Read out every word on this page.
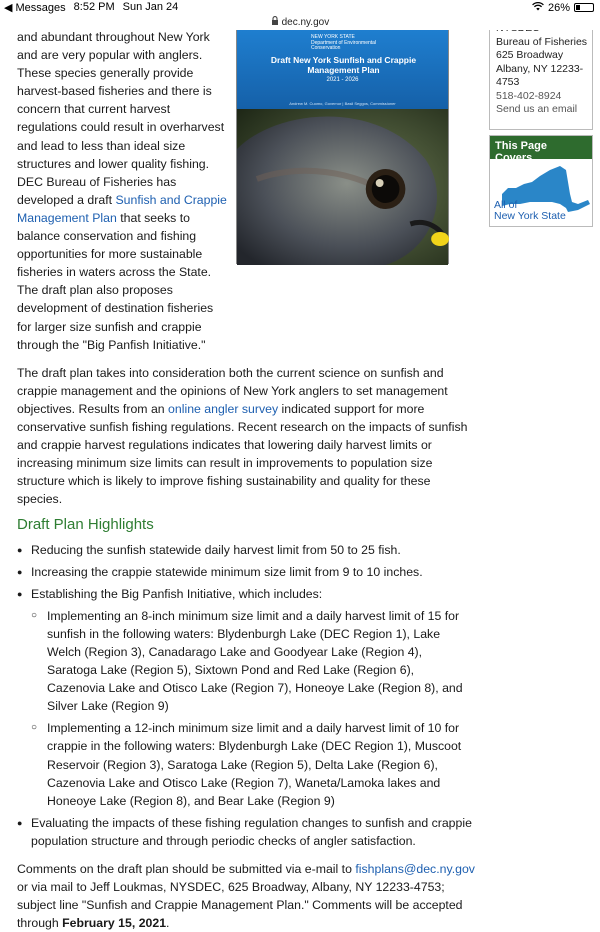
◀ Messages 8:52 PM Sun Jan 24	26%
dec.ny.gov
NEW YORK STATE
Department of Environmental Conservation
Draft New York Sunfish and Crappie Management Plan
2021 - 2026
Andrew M. Cuomo, Governor | Basil Seggos, Commissioner
and abundant throughout New York and are very popular with anglers. These species generally provide harvest-based fisheries and there is concern that current harvest regulations could result in overharvest and lead to less than ideal size structures and lower quality fishing. DEC Bureau of Fisheries has developed a draft Sunfish and Crappie Management Plan that seeks to balance conservation and fishing opportunities for more sustainable fisheries in waters across the State. The draft plan also proposes development of destination fisheries for larger size sunfish and crappie through the "Big Panfish Initiative."

The draft plan takes into consideration both the current science on sunfish and crappie management and the opinions of New York anglers to set management objectives. Results from an online angler survey indicated support for more conservative sunfish fishing regulations. Recent research on the impacts of sunfish and crappie harvest regulations indicates that lowering daily harvest limits or increasing minimum size limits can result in improvements to population size structure which is likely to improve fishing sustainability and quality for these species.

Draft Plan Highlights
● Reducing the sunfish statewide daily harvest limit from 50 to 25 fish.
● Increasing the crappie statewide minimum size limit from 9 to 10 inches.
● Establishing the Big Panfish Initiative, which includes:
○ Implementing an 8-inch minimum size limit and a daily harvest limit of 15 for sunfish in the following waters: Blydenburgh Lake (DEC Region 1), Lake Welch (Region 3), Canadarago Lake and Goodyear Lake (Region 4), Saratoga Lake (Region 5), Sixtown Pond and Red Lake (Region 6), Cazenovia Lake and Otisco Lake (Region 7), Honeoye Lake (Region 8), and Silver Lake (Region 9)
○ Implementing a 12-inch minimum size limit and a daily harvest limit of 10 for crappie in the following waters: Blydenburgh Lake (DEC Region 1), Muscoot Reservoir (Region 3), Saratoga Lake (Region 5), Delta Lake (Region 6), Cazenovia Lake and Otisco Lake (Region 7), Waneta/Lamoka lakes and Honeoye Lake (Region 8), and Bear Lake (Region 9)
● Evaluating the impacts of these fishing regulation changes to sunfish and crappie population structure and through periodic checks of angler satisfaction.

Comments on the draft plan should be submitted via e-mail to fishplans@dec.ny.gov or via mail to Jeff Loukmas, NYSDEC, 625 Broadway, Albany, NY 12233-4753; subject line "Sunfish and Crappie Management Plan." Comments will be accepted through February 15, 2021.

Bureau of Fisheries
625 Broadway
Albany, NY 12233-
4753
518-402-8924
Send us an email
This Page Covers
All of
New York State
